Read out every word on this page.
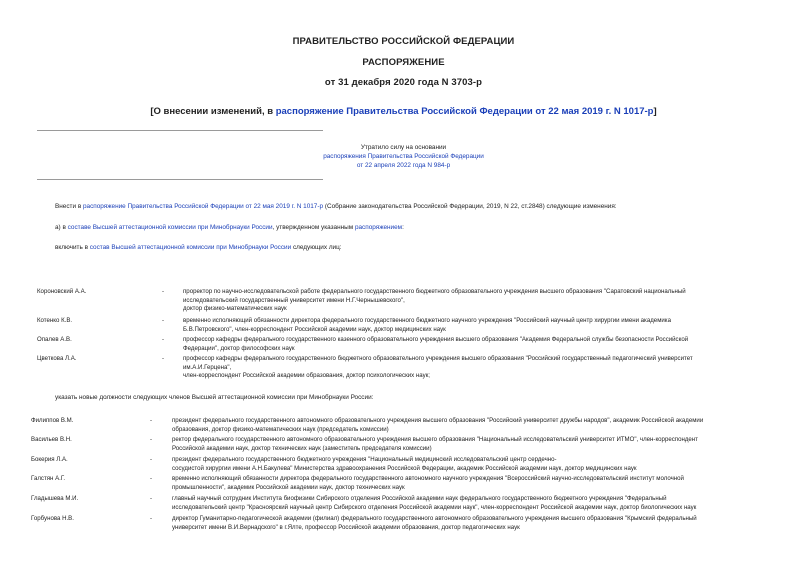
ПРАВИТЕЛЬСТВО РОССИЙСКОЙ ФЕДЕРАЦИИ
РАСПОРЯЖЕНИЕ
от 31 декабря 2020 года N 3703-р
[О внесении изменений, в распоряжение Правительства Российской Федерации от 22 мая 2019 г. N 1017-р]
Утратило силу на основании
распоряжения Правительства Российской Федерации
от 22 апреля 2022 года N 984-р
Внести в распоряжение Правительства Российской Федерации от 22 мая 2019 г. N 1017-р (Собрание законодательства Российской Федерации, 2019, N 22, ст.2848) следующие изменения:
а) в составе Высшей аттестационной комиссии при Минобрнауки России, утвержденном указанным распоряжением:
включить в состав Высшей аттестационной комиссии при Минобрнауки России следующих лиц:
Короновский А.А.	-	проректор по научно-исследовательской работе федерального государственного бюджетного образовательного учреждения высшего образования "Саратовский национальный
исследовательский государственный университет имени Н.Г.Чернышевского",
доктор физико-математических наук
Котенко К.В.	-	временно исполняющий обязанности директора федерального государственного бюджетного научного учреждения "Российский научный центр хирургии имени академика
Б.В.Петровского", член-корреспондент Российской академии наук, доктор медицинских наук
Опалев А.В.	-	профессор кафедры федерального государственного казенного образовательного учреждения высшего образования "Академия Федеральной службы безопасности Российской
Федерации", доктор философских наук
Цветкова Л.А.	-	профессор кафедры федерального государственного бюджетного образовательного учреждения высшего образования "Российский государственный педагогический университет
им.А.И.Герцена",
член-корреспондент Российской академии образования, доктор психологических наук;
указать новые должности следующих членов Высшей аттестационной комиссии при Минобрнауки России:
Филиппов В.М.	-	президент федерального государственного автономного образовательного учреждения высшего образования "Российский университет дружбы народов", академик Российской академии
образования, доктор физико-математических наук (председатель комиссии)
Васильев В.Н.	-	ректор федерального государственного автономного образовательного учреждения высшего образования "Национальный исследовательский университет ИТМО", член-корреспондент
Российской академии наук, доктор технических наук (заместитель председателя комиссии)
Бокерия Л.А.	-	президент федерального государственного бюджетного учреждения "Национальный медицинский исследовательский центр сердечно-
сосудистой хирургии имени А.Н.Бакулева" Министерства здравоохранения Российской Федерации, академик Российской академии наук, доктор медицинских наук
Галстян А.Г.	-	временно исполняющий обязанности директора федерального государственного автономного научного учреждения "Всероссийский научно-исследовательский институт молочной
промышленности", академик Российской академии наук, доктор технических наук
Гладышева М.И.	-	главный научный сотрудник Института биофизики Сибирского отделения Российской академии наук федерального государственного бюджетного учреждения "Федеральный
исследовательский центр "Красноярский научный центр Сибирского отделения Российской академии наук", член-корреспондент Российской академии наук, доктор биологических наук
Горбунова Н.В.	-	директор Гуманитарно-педагогической академии (филиал) федерального государственного автономного образовательного учреждения высшего образования "Крымский федеральный
университет имени В.И.Вернадского" в г.Ялте, профессор Российской академии образования, доктор педагогических наук
